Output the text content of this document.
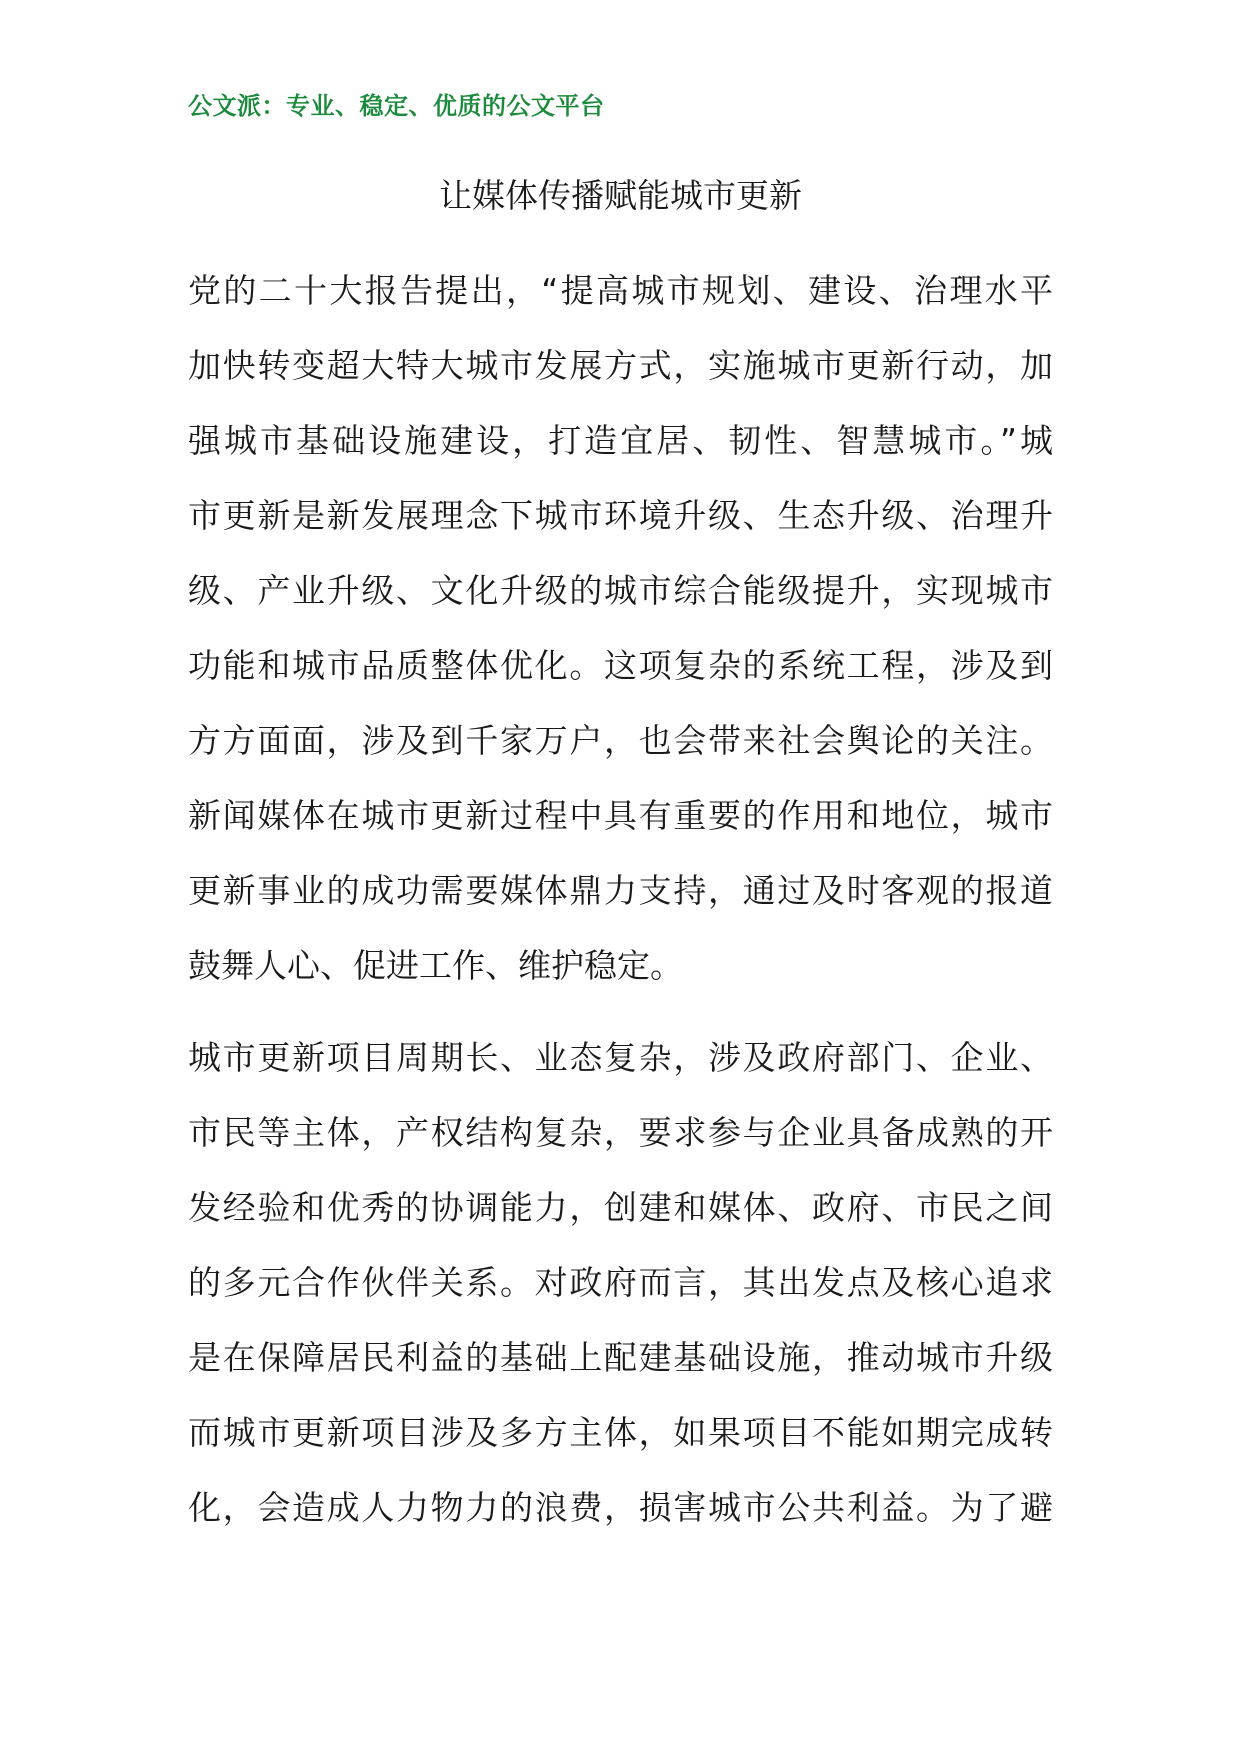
公文派：专业、稳定、优质的公文平台
让媒体传播赋能城市更新
党的二十大报告提出，“提高城市规划、建设、治理水平
加快转变超大特大城市发展方式，实施城市更新行动，加
强城市基础设施建设，打造宜居、韧性、智慧城市。”城
市更新是新发展理念下城市环境升级、生态升级、治理升
级、产业升级、文化升级的城市综合能级提升，实现城市
功能和城市品质整体优化。这项复杂的系统工程，涉及到
方方面面，涉及到千家万户，也会带来社会舆论的关注。
新闻媒体在城市更新过程中具有重要的作用和地位，城市
更新事业的成功需要媒体鼎力支持，通过及时客观的报道
鼓舞人心、促进工作、维护稳定。
城市更新项目周期长、业态复杂，涉及政府部门、企业、
市民等主体，产权结构复杂，要求参与企业具备成熟的开
发经验和优秀的协调能力，创建和媒体、政府、市民之间
的多元合作伙伴关系。对政府而言，其出发点及核心追求
是在保障居民利益的基础上配建基础设施，推动城市升级
而城市更新项目涉及多方主体，如果项目不能如期完成转
化，会造成人力物力的浪费，损害城市公共利益。为了避
